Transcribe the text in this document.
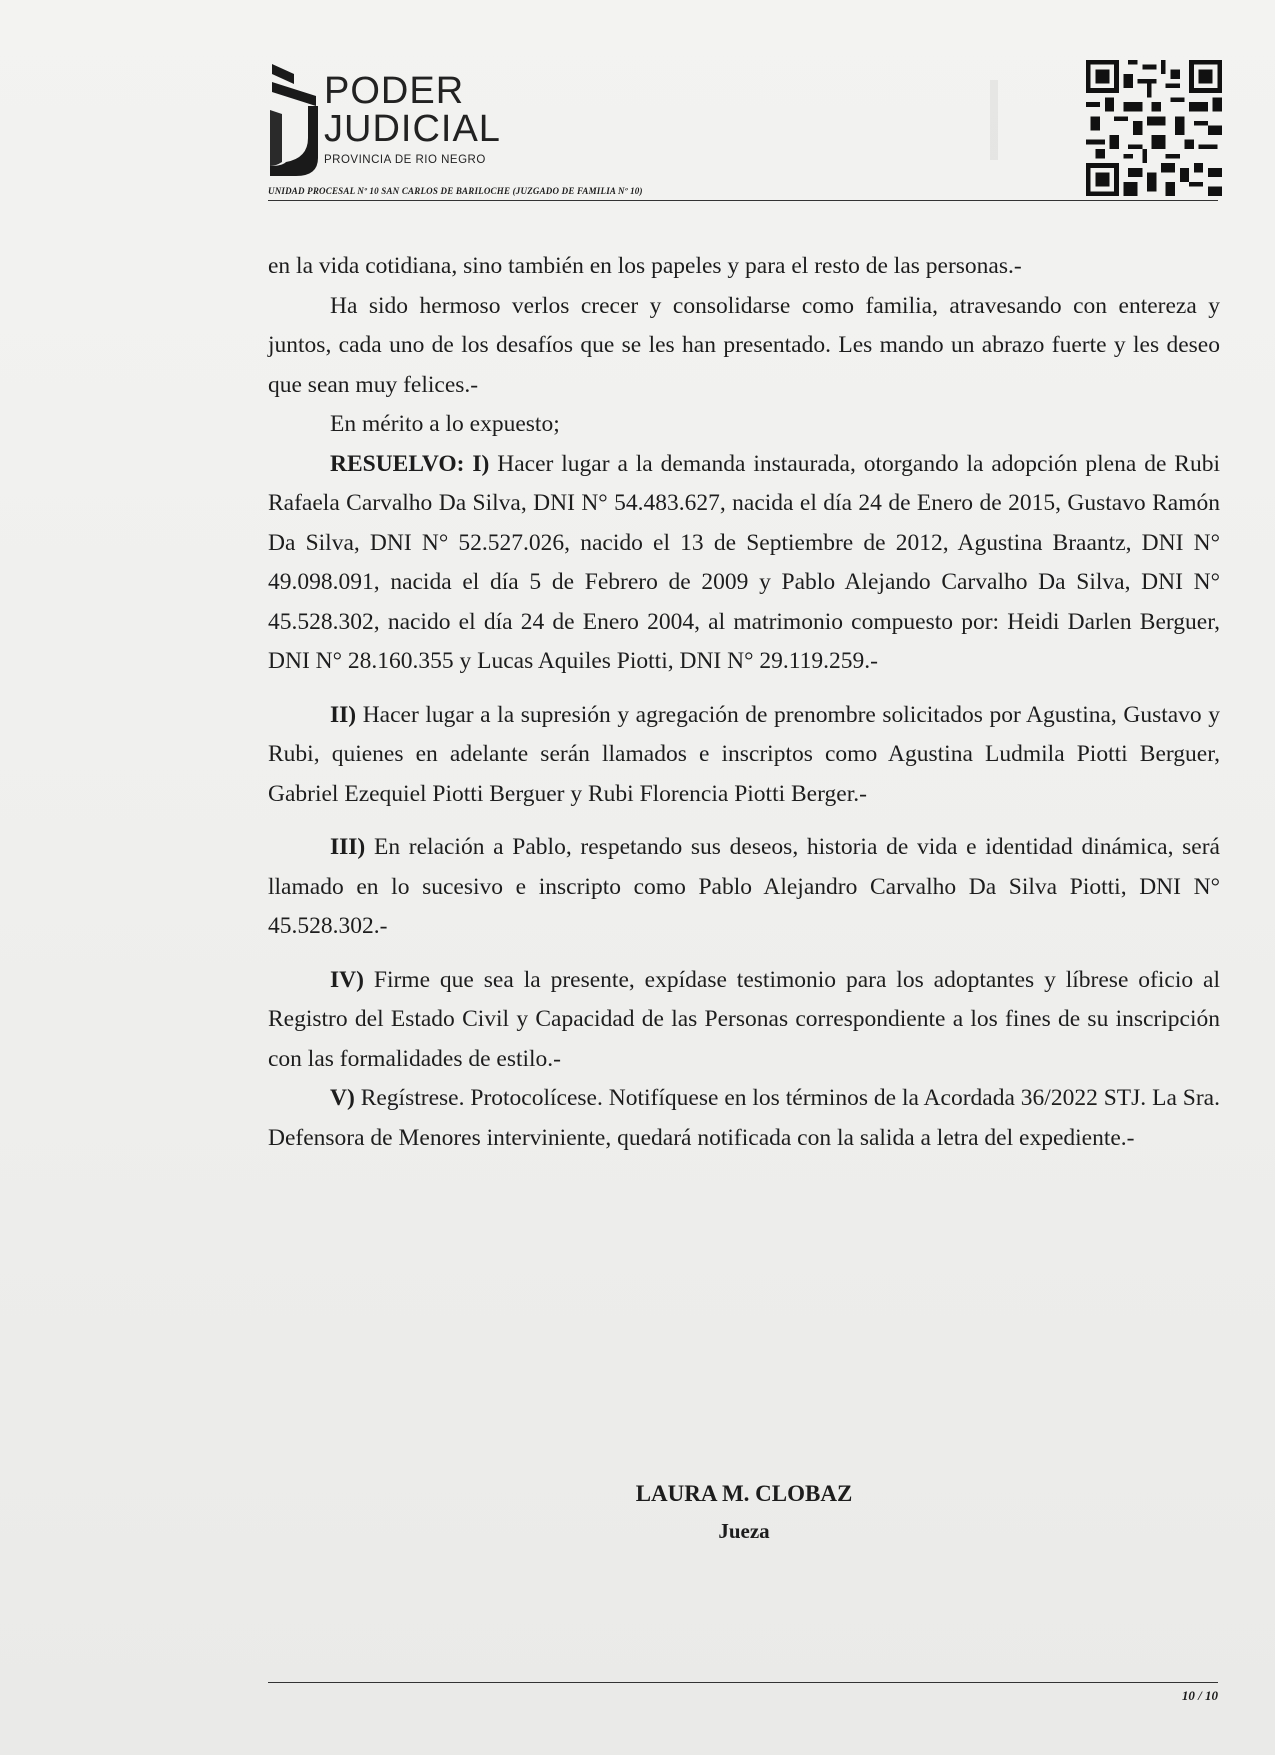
PODER
JUDICIAL
PROVINCIA DE RIO NEGRO
UNIDAD PROCESAL Nº 10 SAN CARLOS DE BARILOCHE (JUZGADO DE FAMILIA Nº 10)

en la vida cotidiana, sino también en los papeles y para el resto de las personas.-

Ha sido hermoso verlos crecer y consolidarse como familia, atravesando con entereza y juntos, cada uno de los desafíos que se les han presentado. Les mando un abrazo fuerte y les deseo que sean muy felices.-

En mérito a lo expuesto;

RESUELVO: I) Hacer lugar a la demanda instaurada, otorgando la adopción plena de Rubi Rafaela Carvalho Da Silva, DNI N° 54.483.627, nacida el día 24 de Enero de 2015, Gustavo Ramón Da Silva, DNI N° 52.527.026, nacido el 13 de Septiembre de 2012, Agustina Braantz, DNI N° 49.098.091, nacida el día 5 de Febrero de 2009 y Pablo Alejando Carvalho Da Silva, DNI N° 45.528.302, nacido el día 24 de Enero 2004, al matrimonio compuesto por: Heidi Darlen Berguer, DNI N° 28.160.355 y Lucas Aquiles Piotti, DNI N° 29.119.259.-

II) Hacer lugar a la supresión y agregación de prenombre solicitados por Agustina, Gustavo y Rubi, quienes en adelante serán llamados e inscriptos como Agustina Ludmila Piotti Berguer, Gabriel Ezequiel Piotti Berguer y Rubi Florencia Piotti Berger.-

III) En relación a Pablo, respetando sus deseos, historia de vida e identidad dinámica, será llamado en lo sucesivo e inscripto como Pablo Alejandro Carvalho Da Silva Piotti, DNI N° 45.528.302.-

IV) Firme que sea la presente, expídase testimonio para los adoptantes y líbrese oficio al Registro del Estado Civil y Capacidad de las Personas correspondiente a los fines de su inscripción con las formalidades de estilo.-

V) Regístrese. Protocolícese. Notifíquese en los términos de la Acordada 36/2022 STJ. La Sra. Defensora de Menores interviniente, quedará notificada con la salida a letra del expediente.-

LAURA M. CLOBAZ
Jueza
10 / 10
